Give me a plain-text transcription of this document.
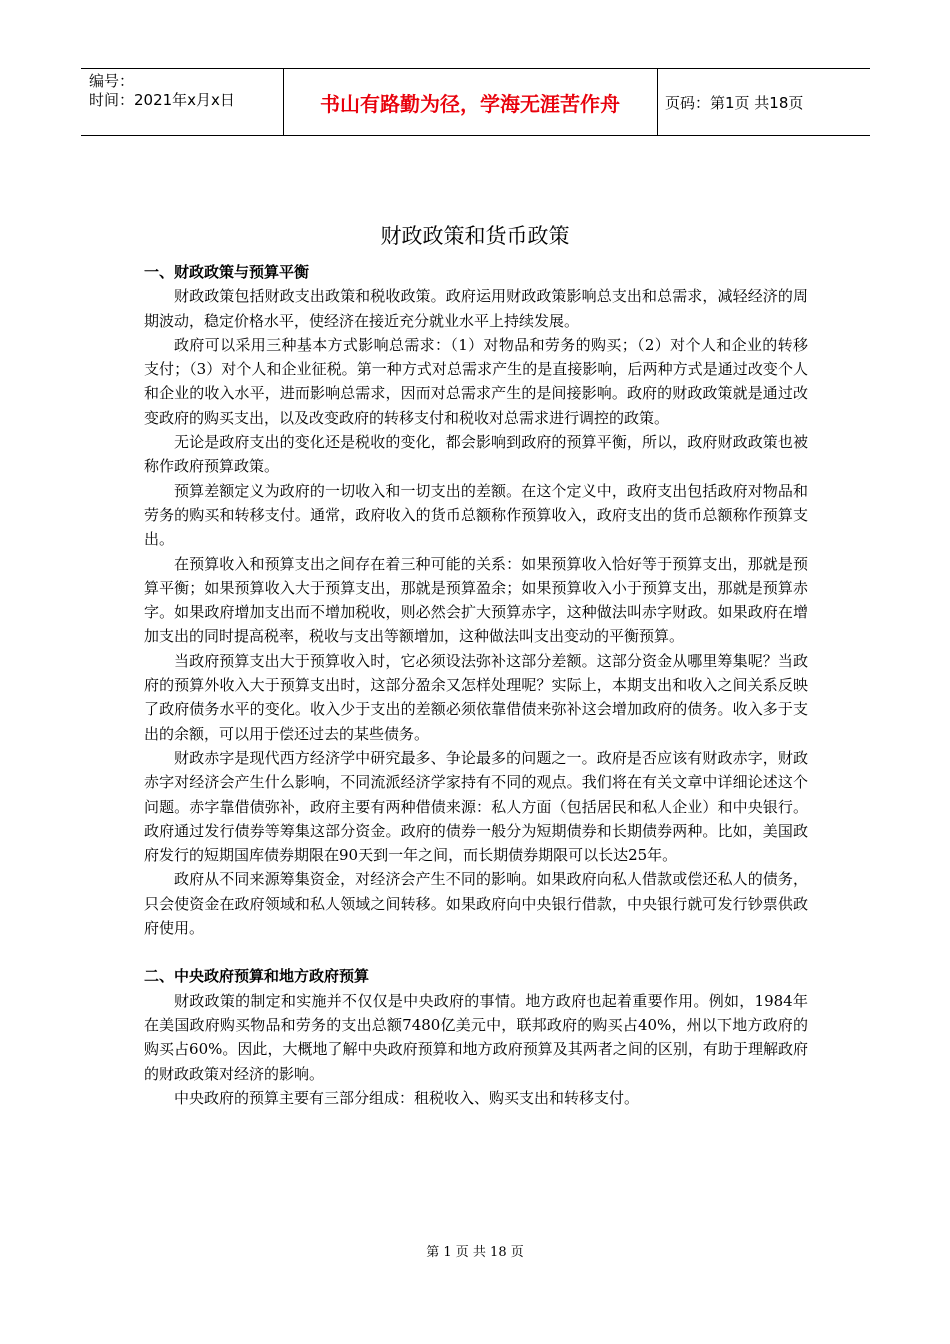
编号：
时间：2021年x月x日	书山有路勤为径，学海无涯苦作舟	页码：第1页 共18页
财政政策和货币政策
一、财政政策与预算平衡

财政政策包括财政支出政策和税收政策。政府运用财政政策影响总支出和总需求，减轻经济的周期波动，稳定价格水平，使经济在接近充分就业水平上持续发展。

政府可以采用三种基本方式影响总需求：（1）对物品和劳务的购买；（2）对个人和企业的转移支付；（3）对个人和企业征税。第一种方式对总需求产生的是直接影响，后两种方式是通过改变个人和企业的收入水平，进而影响总需求，因而对总需求产生的是间接影响。政府的财政政策就是通过改变政府的购买支出，以及改变政府的转移支付和税收对总需求进行调控的政策。

无论是政府支出的变化还是税收的变化，都会影响到政府的预算平衡，所以，政府财政政策也被称作政府预算政策。

预算差额定义为政府的一切收入和一切支出的差额。在这个定义中，政府支出包括政府对物品和劳务的购买和转移支付。通常，政府收入的货币总额称作预算收入，政府支出的货币总额称作预算支出。

在预算收入和预算支出之间存在着三种可能的关系：如果预算收入恰好等于预算支出，那就是预算平衡；如果预算收入大于预算支出，那就是预算盈余；如果预算收入小于预算支出，那就是预算赤字。如果政府增加支出而不增加税收，则必然会扩大预算赤字，这种做法叫赤字财政。如果政府在增加支出的同时提高税率，税收与支出等额增加，这种做法叫支出变动的平衡预算。

当政府预算支出大于预算收入时，它必须设法弥补这部分差额。这部分资金从哪里筹集呢？当政府的预算外收入大于预算支出时，这部分盈余又怎样处理呢？实际上，本期支出和收入之间关系反映了政府债务水平的变化。收入少于支出的差额必须依靠借债来弥补这会增加政府的债务。收入多于支出的余额，可以用于偿还过去的某些债务。

财政赤字是现代西方经济学中研究最多、争论最多的问题之一。政府是否应该有财政赤字，财政赤字对经济会产生什么影响，不同流派经济学家持有不同的观点。我们将在有关文章中详细论述这个问题。赤字靠借债弥补，政府主要有两种借债来源：私人方面（包括居民和私人企业）和中央银行。政府通过发行债券等筹集这部分资金。政府的债券一般分为短期债券和长期债券两种。比如，美国政府发行的短期国库债券期限在90天到一年之间，而长期债券期限可以长达25年。

政府从不同来源筹集资金，对经济会产生不同的影响。如果政府向私人借款或偿还私人的债务，只会使资金在政府领域和私人领域之间转移。如果政府向中央银行借款，中央银行就可发行钞票供政府使用。

二、中央政府预算和地方政府预算

财政政策的制定和实施并不仅仅是中央政府的事情。地方政府也起着重要作用。例如，1984年在美国政府购买物品和劳务的支出总额7480亿美元中，联邦政府的购买占40%，州以下地方政府的购买占60%。因此，大概地了解中央政府预算和地方政府预算及其两者之间的区别，有助于理解政府的财政政策对经济的影响。

中央政府的预算主要有三部分组成：租税收入、购买支出和转移支付。

第 1 页 共 18 页
